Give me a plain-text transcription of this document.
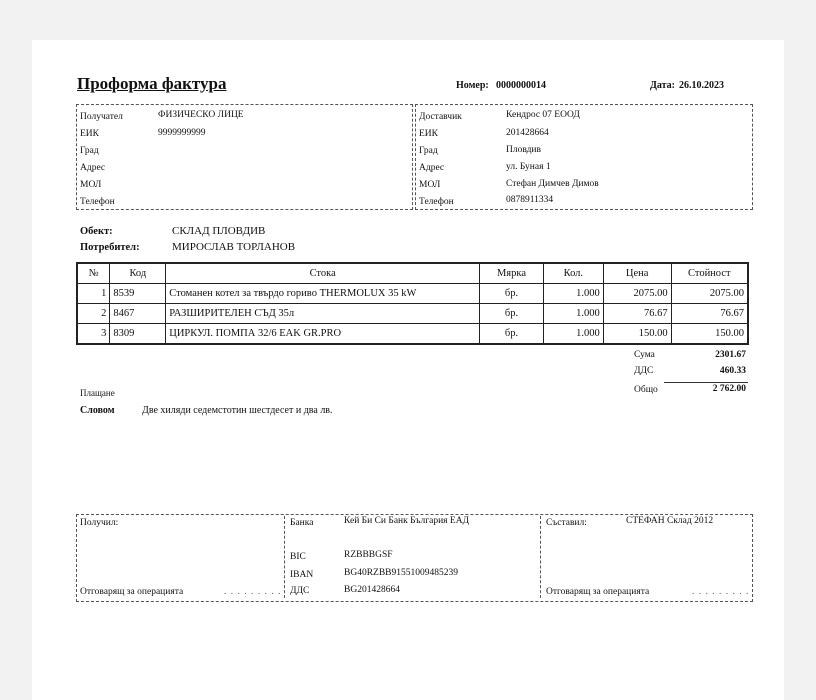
Проформа фактура	Номер: 0000000014	Дата: 26.10.2023
Получател	ФИЗИЧЕСКО ЛИЦЕ
ЕИК	9999999999
Град
Адрес
МОЛ
Телефон
Доставчик	Кендрос 07 ЕООД
ЕИК	201428664
Град	Пловдив
Адрес	ул. Буная 1
МОЛ	Стефан Димчев Димов
Телефон	0878911334
Обект:	СКЛАД ПЛОВДИВ
Потребител:	МИРОСЛАВ ТОРЛАНОВ
№	Код	Стока	Мярка	Кол.	Цена	Стойност
1	8539	Стоманен котел за твърдо гориво THERMOLUX 35 kW	бр.	1.000	2075.00	2075.00
2	8467	РАЗШИРИТЕЛЕН СЪД 35л	бр.	1.000	76.67	76.67
3	8309	ЦИРКУЛ. ПОМПА 32/6 EAK GR.PRO	бр.	1.000	150.00	150.00
Сума	2301.67
ДДС	460.33
Общо	2 762.00
Плащане
Словом	Две хиляди седемстотин шестдесет и два лв.
Получил:
Отговарящ за операцията	. . . . . . . . .
Банка	Кей Би Си Банк България ЕАД
BIC	RZBBBGSF
IBAN	BG40RZBB91551009485239
ДДС	BG201428664
Съставил:	СТЕФАН Склад 2012
Отговарящ за операцията	. . . . . . . . .
